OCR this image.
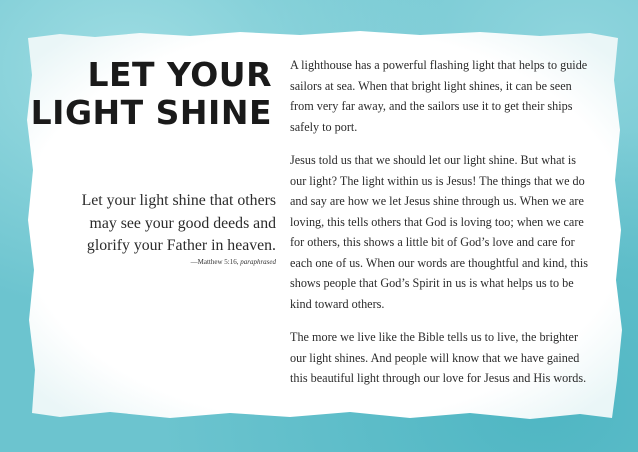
LET YOUR
LIGHT SHINE

Let your light shine that others may see your good deeds and glorify your Father in heaven.

—Matthew 5:16, paraphrased

A lighthouse has a powerful flashing light that helps to guide sailors at sea. When that bright light shines, it can be seen from very far away, and the sailors use it to get their ships safely to port.

Jesus told us that we should let our light shine. But what is our light? The light within us is Jesus! The things that we do and say are how we let Jesus shine through us. When we are loving, this tells others that God is loving too; when we care for others, this shows a little bit of God’s love and care for each one of us. When our words are thoughtful and kind, this shows people that God’s Spirit in us is what helps us to be kind toward others.

The more we live like the Bible tells us to live, the brighter our light shines. And people will know that we have gained this beautiful light through our love for Jesus and His words.
